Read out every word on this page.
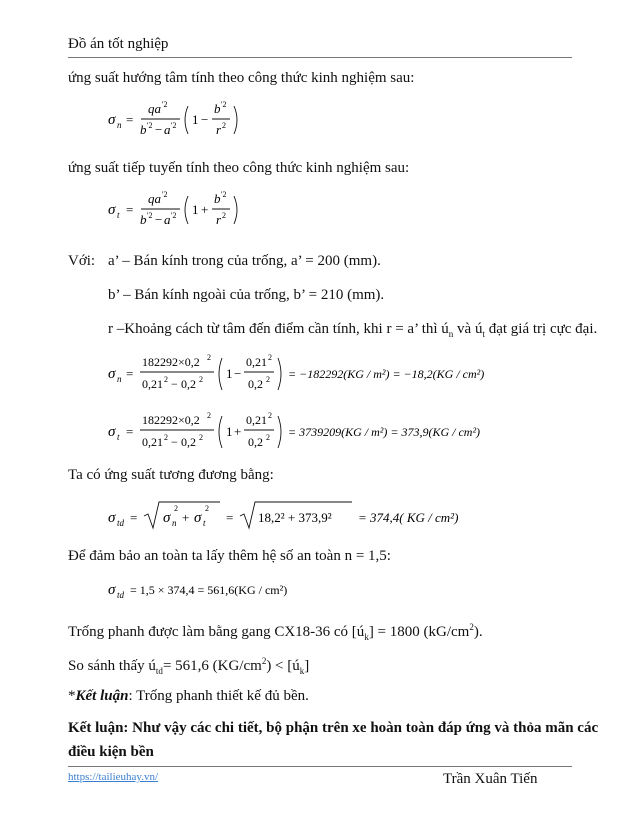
Đồ án tốt nghiệp
ứng suất hướng tâm tính theo công thức kinh nghiệm sau:
σ n =
qa '2
b '2 − a '2 1 −
b '2
r 2
ứng suất tiếp tuyến tính theo công thức kinh nghiệm sau:
σ t =
qa '2
b '2 − a '2 1 +
b '2
r 2
Với: a’ – Bán kính trong của trống, a’ = 200 (mm).
b’ – Bán kính ngoài của trống, b’ = 210 (mm).
r –Khoảng cách từ tâm đến điểm cần tính, khi r = a’ thì $ú_n$ và $ú_t$ đạt giá trị cực đại.
σ n =
182292×0,2 2
0,21 2 − 0,2 2 1 −
0,21 2
0,2 2 = −182292(KG / m²) = −18,2(KG / cm²)
σ t =
182292×0,2 2
0,21 2 − 0,2 2 1 +
0,21 2
0,2 2 = 3739209(KG / m²) = 373,9(KG / cm²)
Ta có ứng suất tương đương bằng:
σ td = σ n
2
+ σ t
2
= 18,2² + 373,9² = 374,4( KG / cm²)
Để đảm bảo an toàn ta lấy thêm hệ số an toàn n = 1,5:
σ td = 1,5 × 374,4 = 561,6(KG / cm²)
Trống phanh được làm bằng gang CX18-36 có $[ú_k] = 1800$ $(kG/cm^2)$.
So sánh thấy $ú_{td}= 561,6$ $(KG/cm^2)$ < $[ú_k]$
*Kết luận: Trống phanh thiết kế đủ bền.
Kết luận: Như vậy các chi tiết, bộ phận trên xe hoàn toàn đáp ứng và thỏa mãn các
điều kiện bền
https://tailieuhay.vn/	Trần Xuân Tiến
